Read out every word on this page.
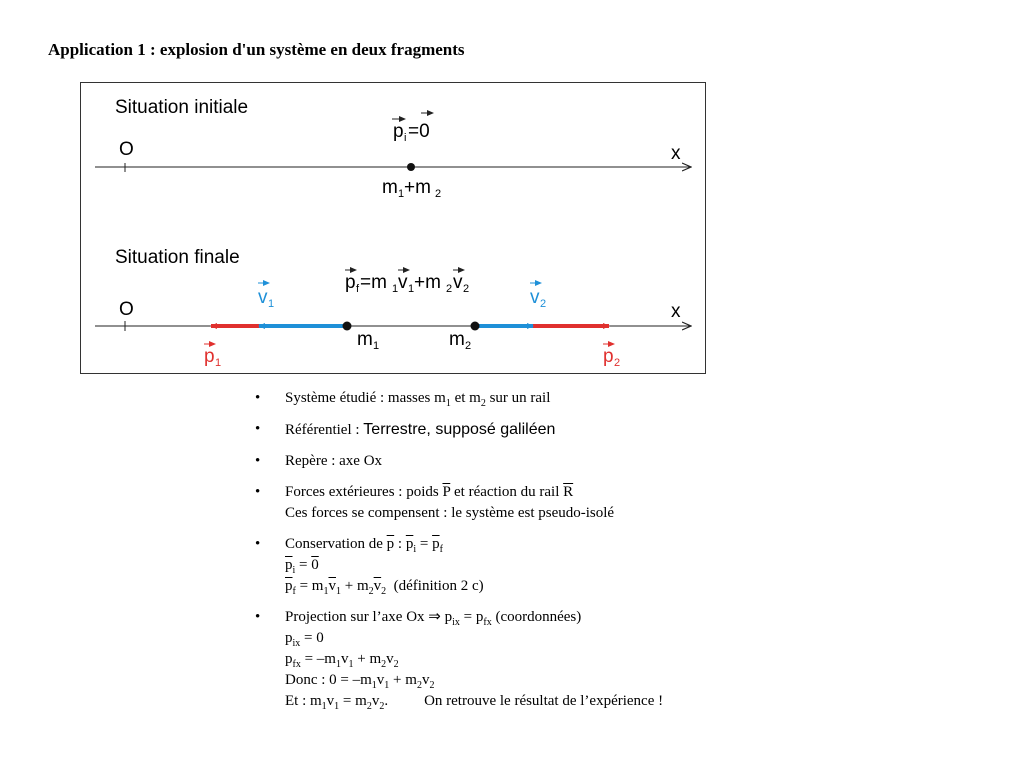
Application 1 : explosion d'un système en deux fragments
Situation initiale
O	x
p i =0
m 1 +m 2
Situation finale
O	x
p f =m 1 v 1 +m 2 v 2
v 1	v 2
m 1	m 2
p 1	p 2
• Système étudié : masses $m_1$ et $m_2$ sur un rail
• Référentiel : Terrestre, supposé galiléen
• Repère : axe Ox
• Forces extérieures : poids $\overline{P}$ et réaction du rail $\overline{R}$
Ces forces se compensent : le système est pseudo-isolé
• Conservation de $\overline{p}$ : $\overline{p}_i = \overline{p}_f$
$\overline{p}_i = 0$
$\overline{p}_f = m_1\overline{v}_1 + m_2\overline{v}_2$  (définition 2 c)
• Projection sur l’axe Ox ⇒ $p_{ix} = p_{fx}$ (coordonnées)
$p_{ix} = 0$
$p_{fx} = -m_1v_1 + m_2v_2$
Donc : $0 = -m_1v_1 + m_2v_2$
Et : $m_1v_1 = m_2v_2$. On retrouve le résultat de l’expérience !
